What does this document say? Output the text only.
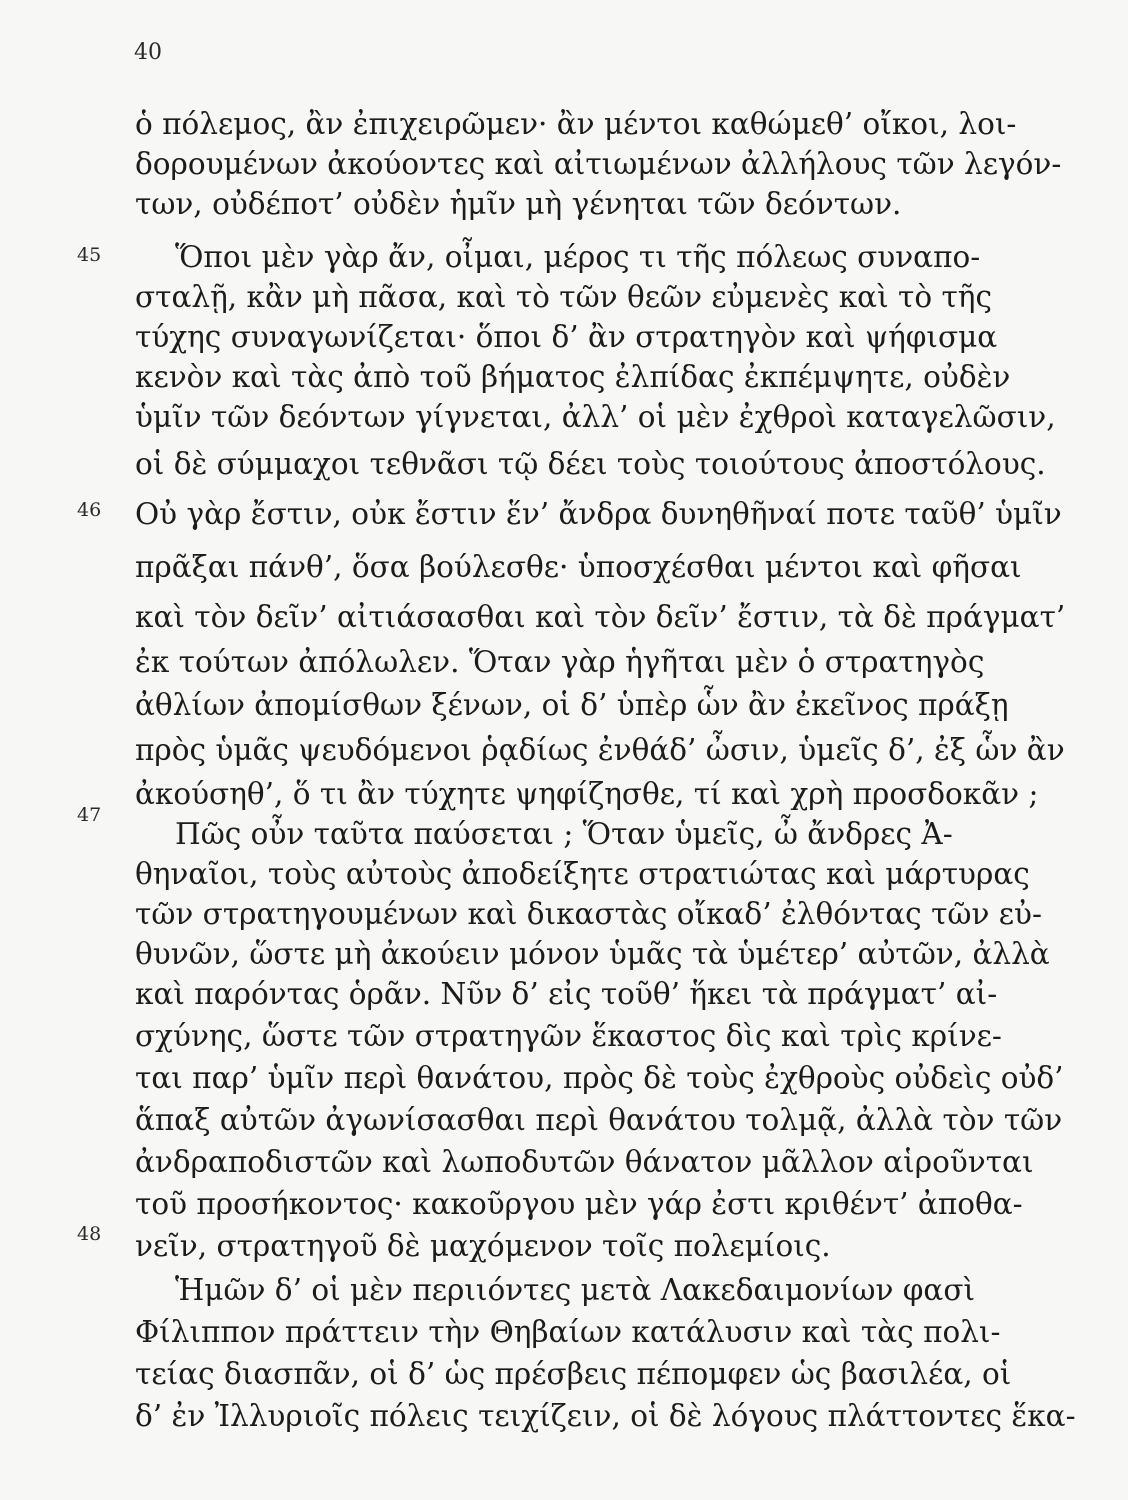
40
45
46
47
48
ὁ πόλεμος, ἂν ἐπιχειρῶμεν· ἂν μέντοι καθώμεθ’ οἴκοι, λοι-
δορουμένων ἀκούοντες καὶ αἰτιωμένων ἀλλήλους τῶν λεγόν-
των, οὐδέποτ’ οὐδὲν ἡμῖν μὴ γένηται τῶν δεόντων.
Ὅποι μὲν γὰρ ἄν, οἶμαι, μέρος τι τῆς πόλεως συναπο-
σταλῇ, κἂν μὴ πᾶσα, καὶ τὸ τῶν θεῶν εὐμενὲς καὶ τὸ τῆς
τύχης συναγωνίζεται· ὅποι δ’ ἂν στρατηγὸν καὶ ψήφισμα
κενὸν καὶ τὰς ἀπὸ τοῦ βήματος ἐλπίδας ἐκπέμψητε, οὐδὲν
ὑμῖν τῶν δεόντων γίγνεται, ἀλλ’ οἱ μὲν ἐχθροὶ καταγελῶσιν,
οἱ δὲ σύμμαχοι τεθνᾶσι τῷ δέει τοὺς τοιούτους ἀποστόλους.
Οὐ γὰρ ἔστιν, οὐκ ἔστιν ἕν’ ἄνδρα δυνηθῆναί ποτε ταῦθ’ ὑμῖν
πρᾶξαι πάνθ’, ὅσα βούλεσθε· ὑποσχέσθαι μέντοι καὶ φῆσαι
καὶ τὸν δεῖν’ αἰτιάσασθαι καὶ τὸν δεῖν’ ἔστιν, τὰ δὲ πράγματ’
ἐκ τούτων ἀπόλωλεν. Ὅταν γὰρ ἡγῆται μὲν ὁ στρατηγὸς
ἀθλίων ἀπομίσθων ξένων, οἱ δ’ ὑπὲρ ὧν ἂν ἐκεῖνος πράξῃ
πρὸς ὑμᾶς ψευδόμενοι ῥᾳδίως ἐνθάδ’ ὦσιν, ὑμεῖς δ’, ἐξ ὧν ἂν
ἀκούσηθ’, ὅ τι ἂν τύχητε ψηφίζησθε, τί καὶ χρὴ προσδοκᾶν ;
Πῶς οὖν ταῦτα παύσεται ; Ὅταν ὑμεῖς, ὦ ἄνδρες Ἀ-
θηναῖοι, τοὺς αὐτοὺς ἀποδείξητε στρατιώτας καὶ μάρτυρας
τῶν στρατηγουμένων καὶ δικαστὰς οἴκαδ’ ἐλθόντας τῶν εὐ-
θυνῶν, ὥστε μὴ ἀκούειν μόνον ὑμᾶς τὰ ὑμέτερ’ αὐτῶν, ἀλλὰ
καὶ παρόντας ὁρᾶν. Νῦν δ’ εἰς τοῦθ’ ἥκει τὰ πράγματ’ αἰ-
σχύνης, ὥστε τῶν στρατηγῶν ἕκαστος δὶς καὶ τρὶς κρίνε-
ται παρ’ ὑμῖν περὶ θανάτου, πρὸς δὲ τοὺς ἐχθροὺς οὐδεὶς οὐδ’
ἅπαξ αὐτῶν ἀγωνίσασθαι περὶ θανάτου τολμᾷ, ἀλλὰ τὸν τῶν
ἀνδραποδιστῶν καὶ λωποδυτῶν θάνατον μᾶλλον αἱροῦνται
τοῦ προσήκοντος· κακοῦργου μὲν γάρ ἐστι κριθέντ’ ἀποθα-
νεῖν, στρατηγοῦ δὲ μαχόμενον τοῖς πολεμίοις.
Ἡμῶν δ’ οἱ μὲν περιιόντες μετὰ Λακεδαιμονίων φασὶ
Φίλιππον πράττειν τὴν Θηβαίων κατάλυσιν καὶ τὰς πολι-
τείας διασπᾶν, οἱ δ’ ὡς πρέσβεις πέπομφεν ὡς βασιλέα, οἱ
δ’ ἐν Ἰλλυριοῖς πόλεις τειχίζειν, οἱ δὲ λόγους πλάττοντες ἕκα-
